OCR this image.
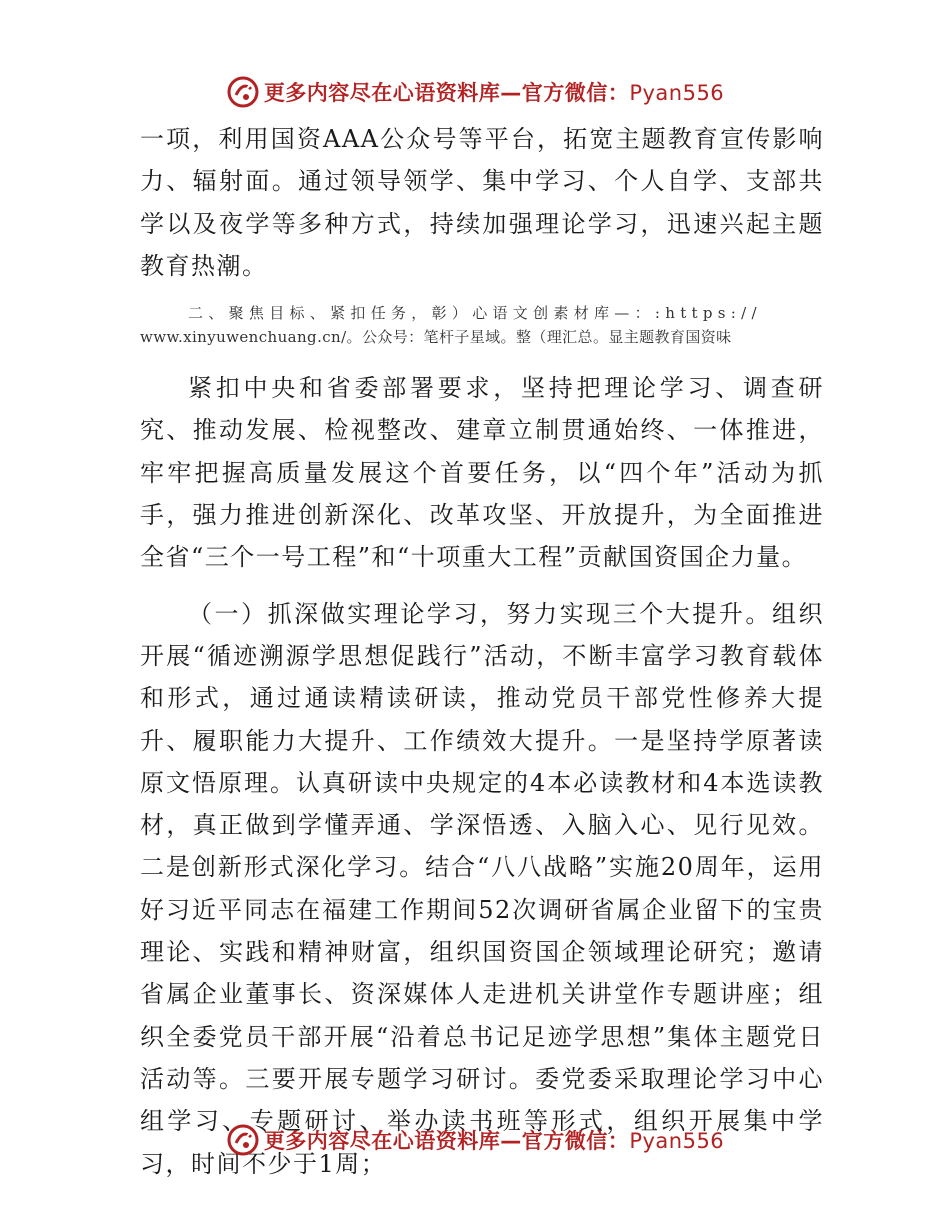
更多内容尽在心语资料库—官方微信：Pyan556

一项，利用国资AAA公众号等平台，拓宽主题教育宣传影响力、辐射面。通过领导领学、集中学习、个人自学、支部共学以及夜学等多种方式，持续加强理论学习，迅速兴起主题教育热潮。

二、聚焦目标、紧扣任务，彰）心语文创素材库—：:https://
www.xinyuwenchuang.cn/。公众号：笔杆子星域。整（理汇总。显主题教育国资味

紧扣中央和省委部署要求，坚持把理论学习、调查研究、推动发展、检视整改、建章立制贯通始终、一体推进，牢牢把握高质量发展这个首要任务，以“四个年”活动为抓手，强力推进创新深化、改革攻坚、开放提升，为全面推进全省“三个一号工程”和“十项重大工程”贡献国资国企力量。

（一）抓深做实理论学习，努力实现三个大提升。组织开展“循迹溯源学思想促践行”活动，不断丰富学习教育载体和形式，通过通读精读研读，推动党员干部党性修养大提升、履职能力大提升、工作绩效大提升。一是坚持学原著读原文悟原理。认真研读中央规定的4本必读教材和4本选读教材，真正做到学懂弄通、学深悟透、入脑入心、见行见效。二是创新形式深化学习。结合“八八战略”实施20周年，运用好习近平同志在福建工作期间52次调研省属企业留下的宝贵理论、实践和精神财富，组织国资国企领域理论研究；邀请省属企业董事长、资深媒体人走进机关讲堂作专题讲座；组织全委党员干部开展“沿着总书记足迹学思想”集体主题党日活动等。三要开展专题学习研讨。委党委采取理论学习中心组学习、专题研讨、举办读书班等形式，组织开展集中学习，时间不少于1周；

更多内容尽在心语资料库—官方微信：Pyan556
